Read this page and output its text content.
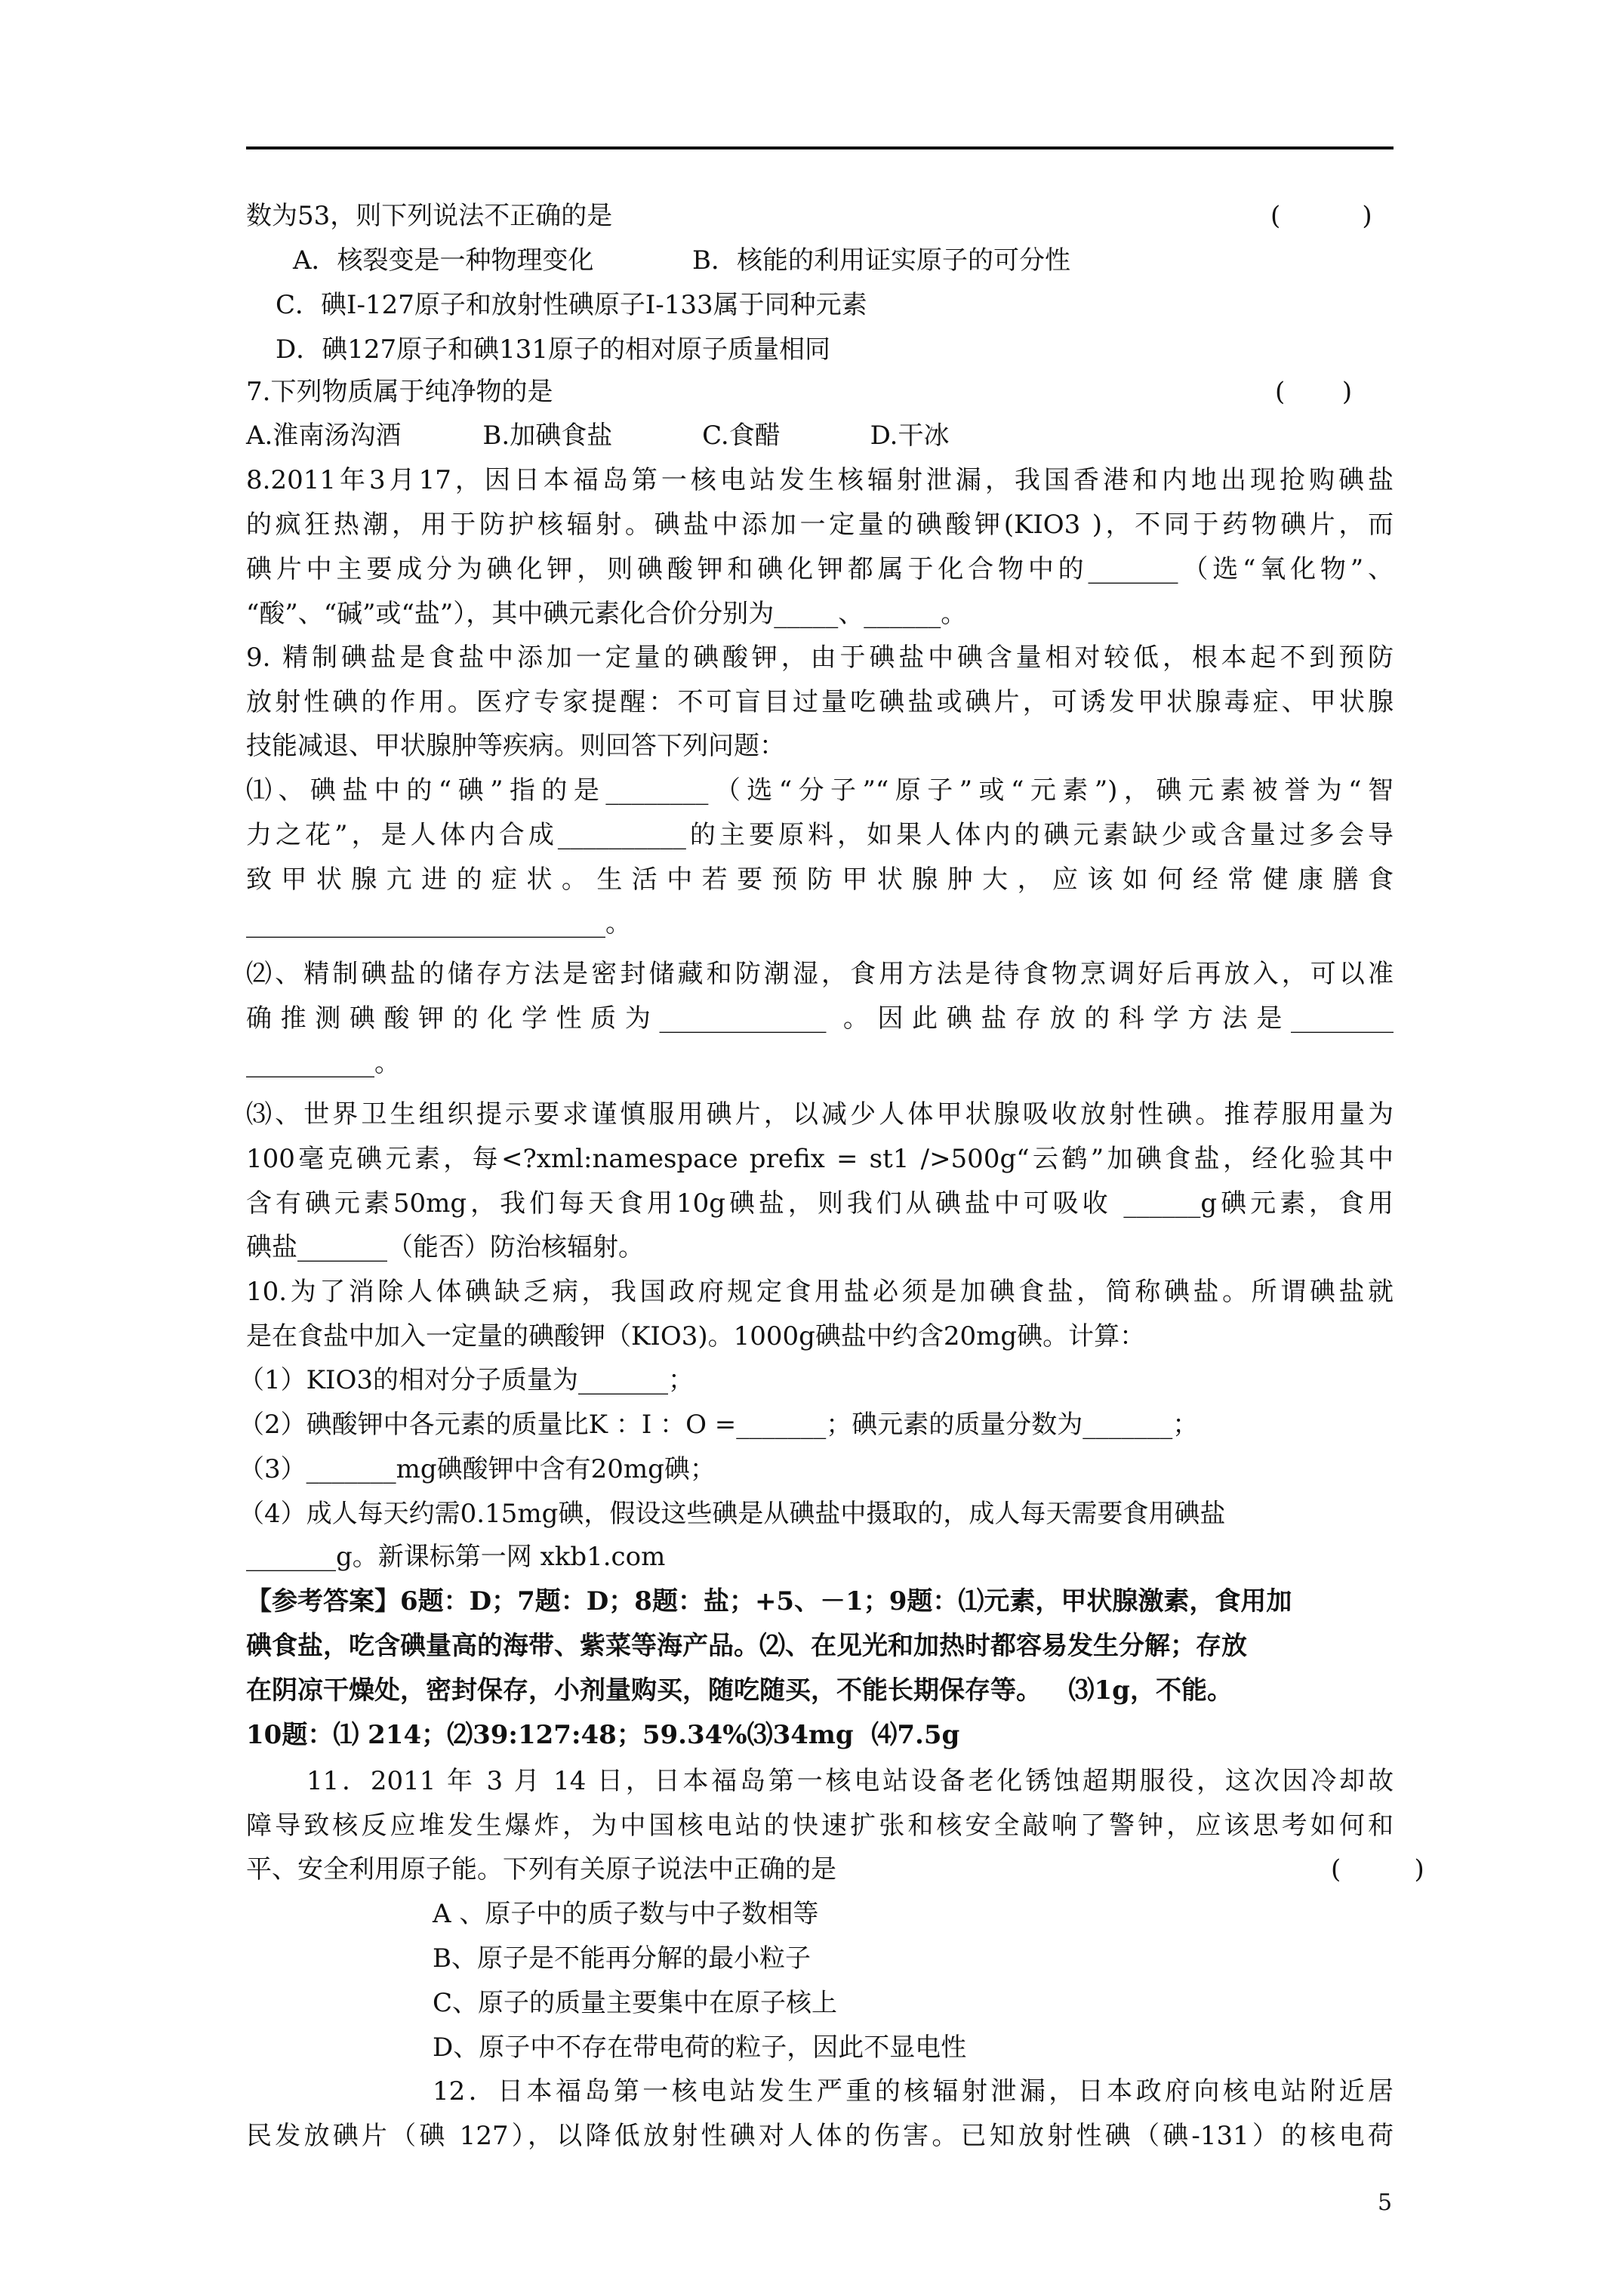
数为53，则下列说法不正确的是	(          )
A．核裂变是一种物理变化	B．核能的利用证实原子的可分性
C．碘I-127原子和放射性碘原子I-133属于同种元素
D．碘127原子和碘131原子的相对原子质量相同
7.下列物质属于纯净物的是	(       )
A.淮南汤沟酒          B.加碘食盐           C.食醋           D.干冰
8.2011年3月17，因日本福岛第一核电站发生核辐射泄漏，我国香港和内地出现抢购碘盐
的疯狂热潮，用于防护核辐射。碘盐中添加一定量的碘酸钾(KIO3 )，不同于药物碘片，而
碘片中主要成分为碘化钾，则碘酸钾和碘化钾都属于化合物中的_______（选“氧化物”、
“酸”、“碱”或“盐”），其中碘元素化合价分别为_____、______。
9. 精制碘盐是食盐中添加一定量的碘酸钾，由于碘盐中碘含量相对较低，根本起不到预防
放射性碘的作用。医疗专家提醒：不可盲目过量吃碘盐或碘片，可诱发甲状腺毒症、甲状腺
技能减退、甲状腺肿等疾病。则回答下列问题：
⑴、碘盐中的“碘”指的是________（选“分子”“原子”或“元素”)，碘元素被誉为“智
力之花”，是人体内合成__________的主要原料，如果人体内的碘元素缺少或含量过多会导
致甲状腺亢进的症状。生活中若要预防甲状腺肿大，应该如何经常健康膳食
____________________________。
⑵、精制碘盐的储存方法是密封储藏和防潮湿，食用方法是待食物烹调好后再放入，可以准
确推测碘酸钾的化学性质为_____________ 。因此碘盐存放的科学方法是________
__________。
⑶、世界卫生组织提示要求谨慎服用碘片，以减少人体甲状腺吸收放射性碘。推荐服用量为
100毫克碘元素，每<?xml:namespace prefix = st1 />500g“云鹤”加碘食盐，经化验其中
含有碘元素50mg，我们每天食用10g碘盐，则我们从碘盐中可吸收 ______g碘元素，食用
碘盐_______（能否）防治核辐射。
10.为了消除人体碘缺乏病，我国政府规定食用盐必须是加碘食盐，简称碘盐。所谓碘盐就
是在食盐中加入一定量的碘酸钾（KIO3)。1000g碘盐中约含20mg碘。计算：
（1）KIO3的相对分子质量为_______；
（2）碘酸钾中各元素的质量比K ：I ：O =_______；碘元素的质量分数为_______；
（3）_______mg碘酸钾中含有20mg碘；
（4）成人每天约需0.15mg碘，假设这些碘是从碘盐中摄取的，成人每天需要食用碘盐
_______g。新课标第一网 xkb1.com
【参考答案】6题：D；7题：D；8题：盐；+5、－1；9题：⑴元素，甲状腺激素，食用加
碘食盐，吃含碘量高的海带、紫菜等海产品。⑵、在见光和加热时都容易发生分解；存放
在阴凉干燥处，密封保存，小剂量购买，随吃随买，不能长期保存等。   ⑶1g，不能。
10题：⑴ 214；⑵39:127:48；59.34%⑶34mg  ⑷7.5g
11．2011 年 3 月 14 日，日本福岛第一核电站设备老化锈蚀超期服役，这次因冷却故
障导致核反应堆发生爆炸，为中国核电站的快速扩张和核安全敲响了警钟，应该思考如何和
平、安全利用原子能。下列有关原子说法中正确的是	(         )
A 、原子中的质子数与中子数相等
B、原子是不能再分解的最小粒子
C、原子的质量主要集中在原子核上
D、原子中不存在带电荷的粒子，因此不显电性
12．日本福岛第一核电站发生严重的核辐射泄漏，日本政府向核电站附近居
民发放碘片（碘 127），以降低放射性碘对人体的伤害。已知放射性碘（碘-131）的核电荷
5
